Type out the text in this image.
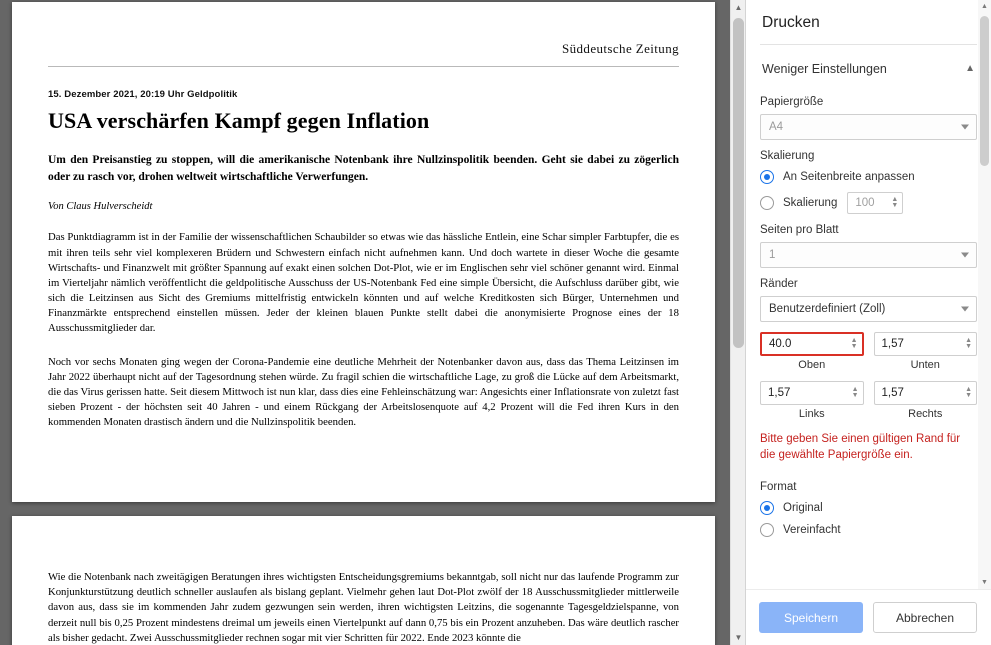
Süddeutsche Zeitung
15. Dezember 2021, 20:19 Uhr Geldpolitik
USA verschärfen Kampf gegen Inflation
Um den Preisanstieg zu stoppen, will die amerikanische Notenbank ihre Nullzinspolitik beenden. Geht sie dabei zu zögerlich oder zu rasch vor, drohen weltweit wirtschaftliche Verwerfungen.
Von Claus Hulverscheidt
Das Punktdiagramm ist in der Familie der wissenschaftlichen Schaubilder so etwas wie das hässliche Entlein, eine Schar simpler Farbtupfer, die es mit ihren teils sehr viel komplexeren Brüdern und Schwestern einfach nicht aufnehmen kann. Und doch wartete in dieser Woche die gesamte Wirtschafts- und Finanzwelt mit größter Spannung auf exakt einen solchen Dot-Plot, wie er im Englischen sehr viel schöner genannt wird. Einmal im Vierteljahr nämlich veröffentlicht die geldpolitische Ausschuss der US-Notenbank Fed eine simple Übersicht, die Aufschluss darüber gibt, wie sich die Leitzinsen aus Sicht des Gremiums mittelfristig entwickeln könnten und auf welche Kreditkosten sich Bürger, Unternehmen und Finanzmärkte entsprechend einstellen müssen. Jeder der kleinen blauen Punkte stellt dabei die anonymisierte Prognose eines der 18 Ausschussmitglieder dar.
Noch vor sechs Monaten ging wegen der Corona-Pandemie eine deutliche Mehrheit der Notenbanker davon aus, dass das Thema Leitzinsen im Jahr 2022 überhaupt nicht auf der Tagesordnung stehen würde. Zu fragil schien die wirtschaftliche Lage, zu groß die Lücke auf dem Arbeitsmarkt, die das Virus gerissen hatte. Seit diesem Mittwoch ist nun klar, dass dies eine Fehleinschätzung war: Angesichts einer Inflationsrate von zuletzt fast sieben Prozent - der höchsten seit 40 Jahren - und einem Rückgang der Arbeitslosenquote auf 4,2 Prozent will die Fed ihren Kurs in den kommenden Monaten drastisch ändern und die Nullzinspolitik beenden.
Wie die Notenbank nach zweitägigen Beratungen ihres wichtigsten Entscheidungsgremiums bekanntgab, soll nicht nur das laufende Programm zur Konjunkturstützung deutlich schneller auslaufen als bislang geplant. Vielmehr gehen laut Dot-Plot zwölf der 18 Ausschussmitglieder mittlerweile davon aus, dass sie im kommenden Jahr zudem gezwungen sein werden, ihren wichtigsten Leitzins, die sogenannte Tagesgeldzielspanne, von derzeit null bis 0,25 Prozent mindestens dreimal um jeweils einen Viertelpunkt auf dann 0,75 bis ein Prozent anzuheben. Das wäre deutlich rascher als bisher gedacht. Zwei Ausschussmitglieder rechnen sogar mit vier Schritten für 2022. Ende 2023 könnte die
▲
▼
Drucken
Weniger Einstellungen	▲
Papiergröße
A4
Skalierung
An Seitenbreite anpassen
Skalierung 100 ▲
▼
Seiten pro Blatt
1
Ränder
Benutzerdefiniert (Zoll)
40.0	▲
▼
Oben
1,57	▲
▼
Unten
1,57	▲
▼
Links
1,57	▲
▼
Rechts
Bitte geben Sie einen gültigen Rand für die gewählte Papiergröße ein.
Format
Original
Vereinfacht
▲
▼
Speichern	Abbrechen
